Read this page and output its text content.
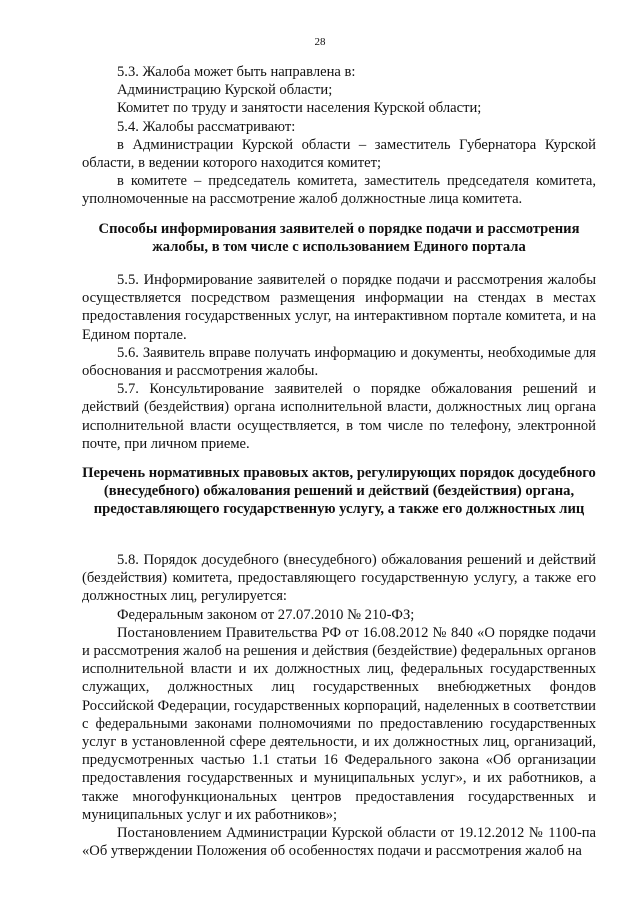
28

5.3. Жалоба может быть направлена в:

Администрацию Курской области;

Комитет по труду и занятости населения Курской области;

5.4. Жалобы рассматривают:

в Администрации Курской области – заместитель Губернатора Курской области, в ведении которого находится комитет;

в комитете – председатель комитета, заместитель председателя комитета, уполномоченные на рассмотрение жалоб должностные лица комитета.

Способы информирования заявителей о порядке подачи и рассмотрения жалобы, в том числе с использованием Единого портала

5.5. Информирование заявителей о порядке подачи и рассмотрения жалобы осуществляется посредством размещения информации на стендах в местах предоставления государственных услуг, на интерактивном портале комитета, и на Едином портале.

5.6. Заявитель вправе получать информацию и документы, необходимые для обоснования и рассмотрения жалобы.

5.7. Консультирование заявителей о порядке обжалования решений и действий (бездействия) органа исполнительной власти, должностных лиц органа исполнительной власти осуществляется, в том числе по телефону, электронной почте, при личном приеме.

Перечень нормативных правовых актов, регулирующих порядок досудебного (внесудебного) обжалования решений и действий (бездействия) органа, предоставляющего государственную услугу, а также его должностных лиц

5.8. Порядок досудебного (внесудебного) обжалования решений и действий (бездействия) комитета, предоставляющего государственную услугу, а также его должностных лиц, регулируется:

Федеральным законом от 27.07.2010 № 210-ФЗ;

Постановлением Правительства РФ от 16.08.2012 № 840 «О порядке подачи и рассмотрения жалоб на решения и действия (бездействие) федеральных органов исполнительной власти и их должностных лиц, федеральных государственных служащих, должностных лиц государственных внебюджетных фондов Российской Федерации, государственных корпораций, наделенных в соответствии с федеральными законами полномочиями по предоставлению государственных услуг в установленной сфере деятельности, и их должностных лиц, организаций, предусмотренных частью 1.1 статьи 16 Федерального закона «Об организации предоставления государственных и муниципальных услуг», и их работников, а также многофункциональных центров предоставления государственных и муниципальных услуг и их работников»;

Постановлением Администрации Курской области от 19.12.2012 № 1100-па «Об утверждении Положения об особенностях подачи и рассмотрения жалоб на
